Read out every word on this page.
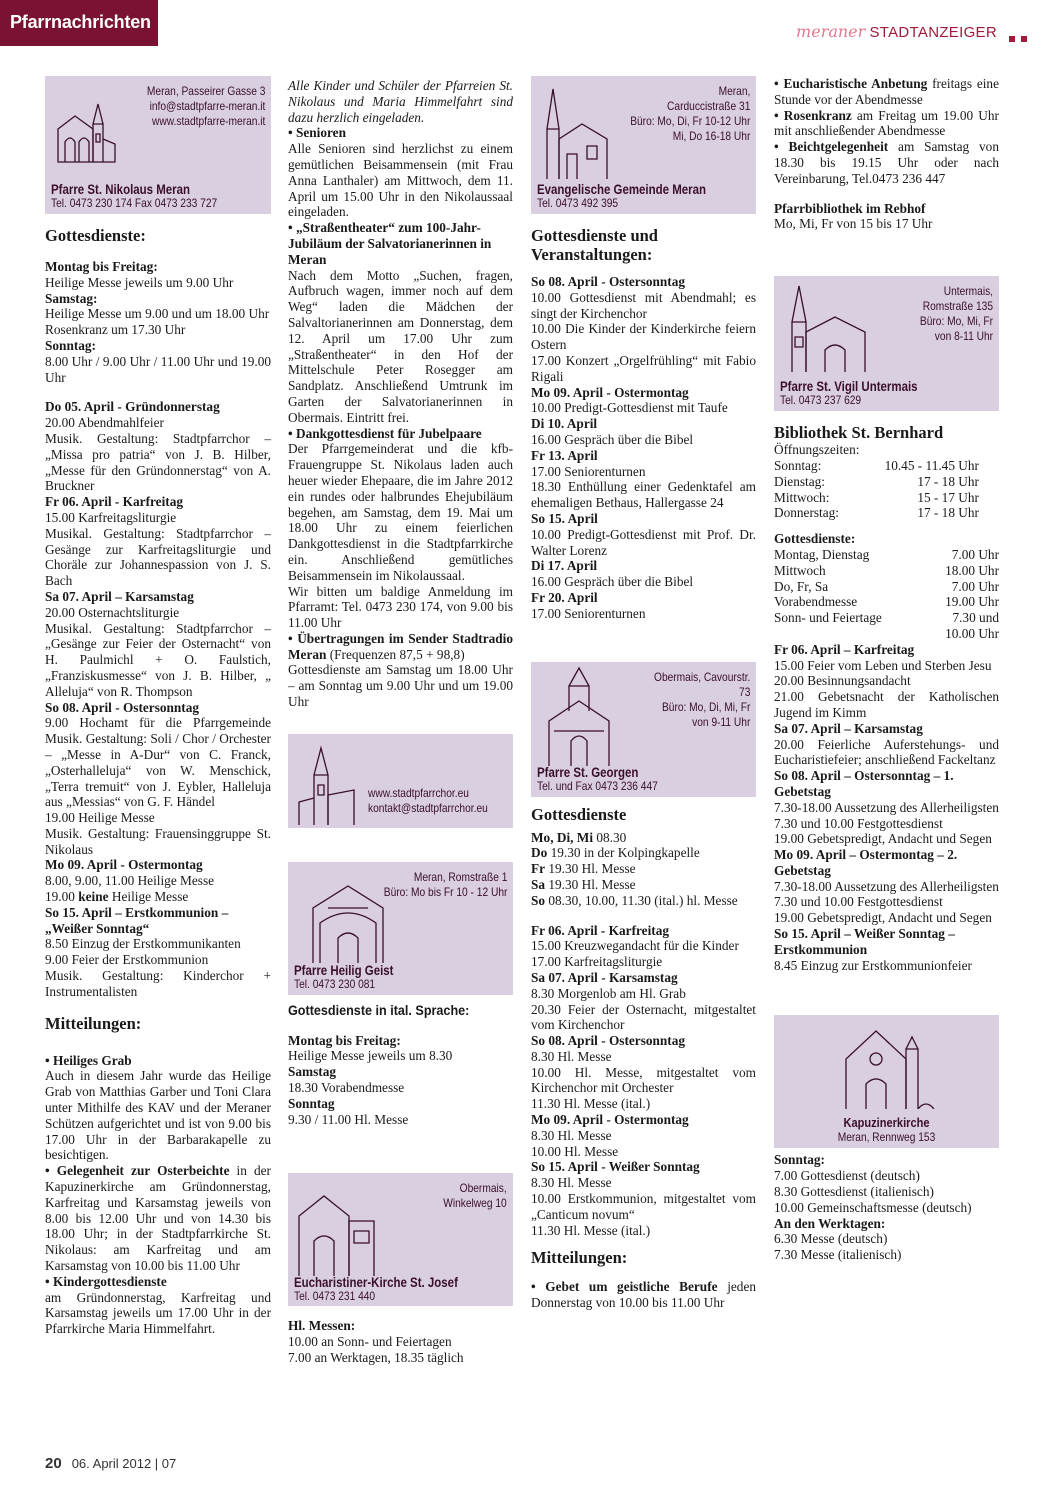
Pfarrnachrichten	meraner STADTANZEIGER
Meran, Passeirer Gasse 3
info@stadtpfarre-meran.it
www.stadtpfarre-meran.it
Pfarre St. Nikolaus Meran
Tel. 0473 230 174 Fax 0473 233 727
Gottesdienste:
Montag bis Freitag:

Heilige Messe jeweils um 9.00 Uhr

Samstag:

Heilige Messe um 9.00 und um 18.00 Uhr

Rosenkranz um 17.30 Uhr

Sonntag:

8.00 Uhr / 9.00 Uhr / 11.00 Uhr und 19.00 Uhr

Do 05. April - Gründonnerstag

20.00 Abendmahlfeier

Musik. Gestaltung: Stadtpfarrchor – „Missa pro patria“ von J. B. Hilber, „Messe für den Gründonnerstag“ von A. Bruckner

Fr 06. April - Karfreitag

15.00 Karfreitagsliturgie

Musikal. Gestaltung: Stadtpfarrchor – Gesänge zur Karfreitagsliturgie und Choräle zur Johannespassion von J. S. Bach

Sa 07. April – Karsamstag

20.00 Osternachtsliturgie

Musikal. Gestaltung: Stadtpfarrchor – „Gesänge zur Feier der Osternacht“ von H. Paulmichl + O. Faulstich, „Franziskusmesse“ von J. B. Hilber, „ Alleluja“ von R. Thompson

So 08. April - Ostersonntag

9.00 Hochamt für die Pfarrgemeinde Musik. Gestaltung: Soli / Chor / Orchester – „Messe in A-Dur“ von C. Franck, „Osterhalleluja“ von W. Menschick, „Terra tremuit“ von J. Eybler, Halleluja aus „Messias“ von G. F. Händel

19.00 Heilige Messe

Musik. Gestaltung: Frauensinggruppe St. Nikolaus

Mo 09. April - Ostermontag

8.00, 9.00, 11.00 Heilige Messe

19.00 keine Heilige Messe

So 15. April – Erstkommunion – „Weißer Sonntag“

8.50 Einzug der Erstkommunikanten

9.00 Feier der Erstkommunion

Musik. Gestaltung: Kinderchor + Instrumentalisten

Mitteilungen:
• Heiliges Grab

Auch in diesem Jahr wurde das Heilige Grab von Matthias Garber und Toni Clara unter Mithilfe des KAV und der Meraner Schützen aufgerichtet und ist von 9.00 bis 17.00 Uhr in der Barbarakapelle zu besichtigen.

• Gelegenheit zur Osterbeichte in der Kapuzinerkirche am Gründonnerstag, Karfreitag und Karsamstag jeweils von 8.00 bis 12.00 Uhr und von 14.30 bis 18.00 Uhr; in der Stadtpfarrkirche St. Nikolaus: am Karfreitag und am Karsamstag von 10.00 bis 11.00 Uhr

• Kindergottesdienste

am Gründonnerstag, Karfreitag und Karsamstag jeweils um 17.00 Uhr in der Pfarrkirche Maria Himmelfahrt.

Alle Kinder und Schüler der Pfarreien St. Nikolaus und Maria Himmelfahrt sind dazu herzlich eingeladen.

• Senioren

Alle Senioren sind herzlichst zu einem gemütlichen Beisammensein (mit Frau Anna Lanthaler) am Mittwoch, dem 11. April um 15.00 Uhr in den Nikolaussaal eingeladen.

• „Straßentheater“ zum 100-Jahr-Jubiläum der Salvatorianerinnen in Meran

Nach dem Motto „Suchen, fragen, Aufbruch wagen, immer noch auf dem Weg“ laden die Mädchen der Salvaltorianerinnen am Donnerstag, dem 12. April um 17.00 Uhr zum „Straßentheater“ in den Hof der Mittelschule Peter Rosegger am Sandplatz. Anschließend Umtrunk im Garten der Salvatorianerinnen in Obermais. Eintritt frei.

• Dankgottesdienst für Jubelpaare

Der Pfarrgemeinderat und die kfb-Frauengruppe St. Nikolaus laden auch heuer wieder Ehepaare, die im Jahre 2012 ein rundes oder halbrundes Ehejubiläum begehen, am Samstag, dem 19. Mai um 18.00 Uhr zu einem feierlichen Dankgottesdienst in die Stadtpfarrkirche ein. Anschließend gemütliches Beisammensein im Nikolaussaal.

Wir bitten um baldige Anmeldung im Pfarramt: Tel. 0473 230 174, von 9.00 bis 11.00 Uhr

• Übertragungen im Sender Stadtradio Meran (Frequenzen 87,5 + 98,8)

Gottesdienste am Samstag um 18.00 Uhr – am Sonntag um 9.00 Uhr und um 19.00 Uhr

www.stadtpfarrchor.eu
kontakt@stadtpfarrchor.eu
Meran, Romstraße 1
Büro: Mo bis Fr 10 - 12 Uhr
Pfarre Heilig Geist
Tel. 0473 230 081
Gottesdienste in ital. Sprache:
Montag bis Freitag:

Heilige Messe jeweils um 8.30

Samstag

18.30 Vorabendmesse

Sonntag

9.30 / 11.00 Hl. Messe

Obermais,
Winkelweg 10
Eucharistiner-Kirche St. Josef
Tel. 0473 231 440
Hl. Messen:

10.00 an Sonn- und Feiertagen

7.00 an Werktagen, 18.35 täglich

Meran,
Carduccistraße 31
Büro: Mo, Di, Fr 10-12 Uhr
Mi, Do 16-18 Uhr
Evangelische Gemeinde Meran
Tel. 0473 492 395
Gottesdienste und Veranstaltungen:
So 08. April - Ostersonntag

10.00 Gottesdienst mit Abendmahl; es singt der Kirchenchor

10.00 Die Kinder der Kinderkirche feiern Ostern

17.00 Konzert „Orgelfrühling“ mit Fabio Rigali

Mo 09. April - Ostermontag

10.00 Predigt-Gottesdienst mit Taufe

Di 10. April

16.00 Gespräch über die Bibel

Fr 13. April

17.00 Seniorenturnen

18.30 Enthüllung einer Gedenktafel am ehemaligen Bethaus, Hallergasse 24

So 15. April

10.00 Predigt-Gottesdienst mit Prof. Dr. Walter Lorenz

Di 17. April

16.00 Gespräch über die Bibel

Fr 20. April

17.00 Seniorenturnen

Obermais, Cavourstr.
73
Büro: Mo, Di, Mi, Fr
von 9-11 Uhr
Pfarre St. Georgen
Tel. und Fax 0473 236 447
Gottesdienste

Mo, Di, Mi 08.30

Do 19.30 in der Kolpingkapelle

Fr 19.30 Hl. Messe

Sa 19.30 Hl. Messe

So 08.30, 10.00, 11.30 (ital.) hl. Messe

Fr 06. April - Karfreitag

15.00 Kreuzwegandacht für die Kinder

17.00 Karfreitagsliturgie

Sa 07. April - Karsamstag

8.30 Morgenlob am Hl. Grab

20.30 Feier der Osternacht, mitgestaltet vom Kirchenchor

So 08. April - Ostersonntag

8.30 Hl. Messe

10.00 Hl. Messe, mitgestaltet vom Kirchenchor mit Orchester

11.30 Hl. Messe (ital.)

Mo 09. April - Ostermontag

8.30 Hl. Messe

10.00 Hl. Messe

So 15. April - Weißer Sonntag

8.30 Hl. Messe

10.00 Erstkommunion, mitgestaltet vom „Canticum novum“

11.30 Hl. Messe (ital.)

Mitteilungen:

• Gebet um geistliche Berufe jeden Donnerstag von 10.00 bis 11.00 Uhr

• Eucharistische Anbetung freitags eine Stunde vor der Abendmesse

• Rosenkranz am Freitag um 19.00 Uhr mit anschließender Abendmesse

• Beichtgelegenheit am Samstag von 18.30 bis 19.15 Uhr oder nach Vereinbarung, Tel.0473 236 447

Pfarrbibliothek im Rebhof

Mo, Mi, Fr von 15 bis 17 Uhr

Untermais,
Romstraße 135
Büro: Mo, Mi, Fr
von 8-11 Uhr
Pfarre St. Vigil Untermais
Tel. 0473 237 629
Bibliothek St. Bernhard

Öffnungszeiten:

Sonntag:	10.45 - 11.45 Uhr
Dienstag:	17 - 18 Uhr
Mittwoch:	15 - 17 Uhr
Donnerstag:	17 - 18 Uhr
Gottesdienste:
Montag, Dienstag	7.00 Uhr
Mittwoch	18.00 Uhr
Do, Fr, Sa	7.00 Uhr
Vorabendmesse	19.00 Uhr
Sonn- und Feiertage	7.30 und
10.00 Uhr
Fr 06. April – Karfreitag

15.00 Feier vom Leben und Sterben Jesu

20.00 Besinnungsandacht

21.00 Gebetsnacht der Katholischen Jugend im Kimm

Sa 07. April – Karsamstag

20.00 Feierliche Auferstehungs- und Eucharistiefeier; anschließend Fackeltanz

So 08. April – Ostersonntag – 1. Gebetstag

7.30-18.00 Aussetzung des Allerheiligsten

7.30 und 10.00 Festgottesdienst

19.00 Gebetspredigt, Andacht und Segen

Mo 09. April – Ostermontag – 2. Gebetstag

7.30-18.00 Aussetzung des Allerheiligsten

7.30 und 10.00 Festgottesdienst

19.00 Gebetspredigt, Andacht und Segen

So 15. April – Weißer Sonntag – Erstkommunion

8.45 Einzug zur Erstkommunionfeier

Kapuzinerkirche
Meran, Rennweg 153
Sonntag:

7.00 Gottesdienst (deutsch)

8.30 Gottesdienst (italienisch)

10.00 Gemeinschaftsmesse (deutsch)

An den Werktagen:

6.30 Messe (deutsch)

7.30 Messe (italienisch)

20 06. April 2012 | 07
